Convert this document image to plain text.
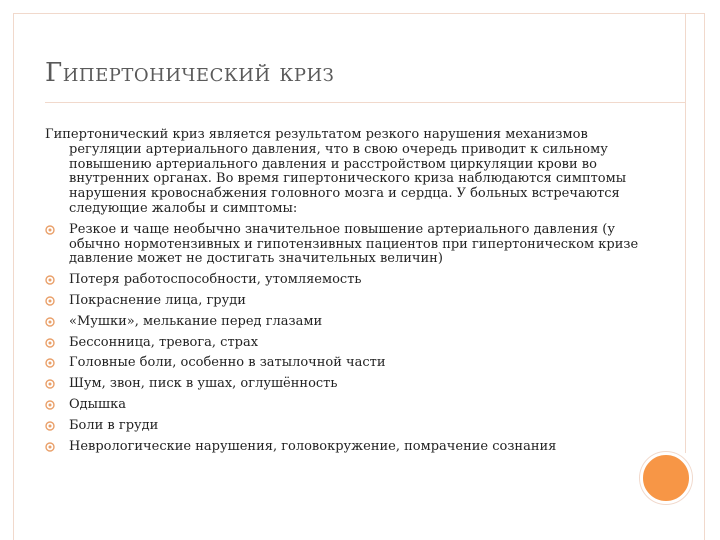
Гипертонический криз

Гипертонический криз является результатом резкого нарушения механизмов регуляции артериального давления, что в свою очередь приводит к сильному повышению артериального давления и расстройством циркуляции крови во внутренних органах. Во время гипертонического криза наблюдаются симптомы нарушения кровоснабжения головного мозга и сердца. У больных встречаются следующие жалобы и симптомы:

Резкое и чаще необычно значительное повышение артериального давления (у обычно нормотензивных и гипотензивных пациентов при гипертоническом кризе давление может не достигать значительных величин)
Потеря работоспособности, утомляемость
Покраснение лица, груди
«Мушки», мелькание перед глазами
Бессонница, тревога, страх
Головные боли, особенно в затылочной части
Шум, звон, писк в ушах, оглушённость
Одышка
Боли в груди
Неврологические нарушения, головокружение, помрачение сознания
